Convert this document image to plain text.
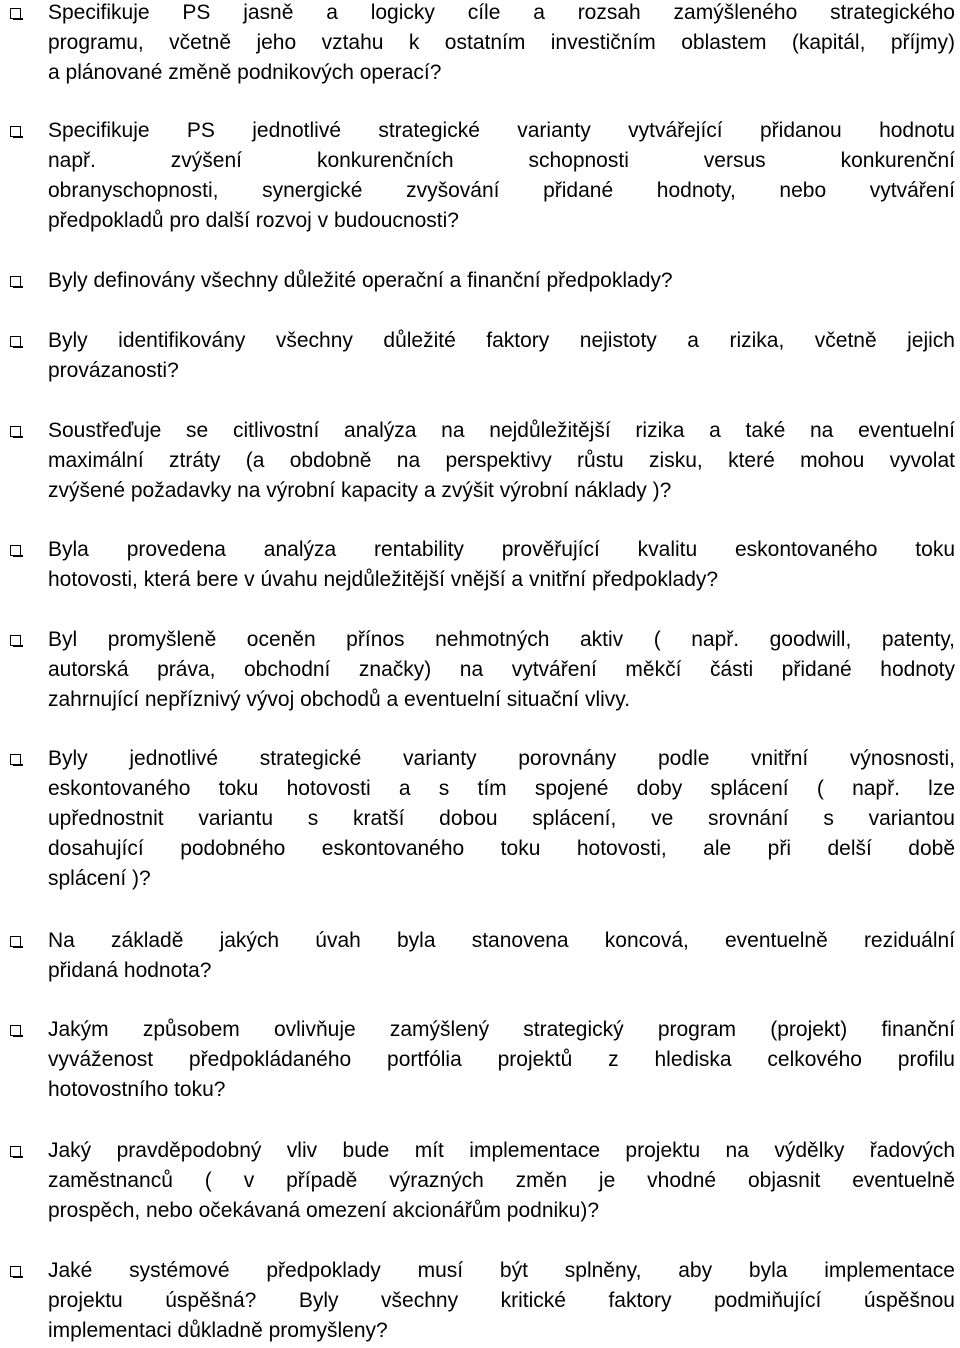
Specifikuje PS jasně a logicky cíle a rozsah zamýšleného strategického
programu, včetně jeho vztahu k ostatním investičním oblastem (kapitál, příjmy)
a plánované změně podnikových operací?
Specifikuje PS jednotlivé strategické varianty vytvářející přidanou hodnotu
např. zvýšení konkurenčních schopnosti versus konkurenční
obranyschopnosti, synergické zvyšování přidané hodnoty, nebo vytváření
předpokladů pro další rozvoj v budoucnosti?
Byly definovány všechny důležité operační a finanční předpoklady?
Byly identifikovány všechny důležité faktory nejistoty a rizika, včetně jejich
provázanosti?
Soustřeďuje se citlivostní analýza na nejdůležitější rizika a také na eventuelní
maximální ztráty (a obdobně na perspektivy růstu zisku, které mohou vyvolat
zvýšené požadavky na výrobní kapacity a zvýšit výrobní náklady )?
Byla provedena analýza rentability prověřující kvalitu eskontovaného toku
hotovosti, která bere v úvahu nejdůležitější vnější a vnitřní předpoklady?
Byl promyšleně oceněn přínos nehmotných aktiv ( např. goodwill, patenty,
autorská práva, obchodní značky) na vytváření měkčí části přidané hodnoty
zahrnující nepříznivý vývoj obchodů a eventuelní situační vlivy.
Byly jednotlivé strategické varianty porovnány podle vnitřní výnosnosti,
eskontovaného toku hotovosti a s tím spojené doby splácení ( např. lze
upřednostnit variantu s kratší dobou splácení, ve srovnání s variantou
dosahující podobného eskontovaného toku hotovosti, ale při delší době
splácení )?
Na základě jakých úvah byla stanovena koncová, eventuelně reziduální
přidaná hodnota?
Jakým způsobem ovlivňuje zamýšlený strategický program (projekt) finanční
vyváženost předpokládaného portfólia projektů z hlediska celkového profilu
hotovostního toku?
Jaký pravděpodobný vliv bude mít implementace projektu na výdělky řadových
zaměstnanců ( v případě výrazných změn je vhodné objasnit eventuelně
prospěch, nebo očekávaná omezení akcionářům podniku)?
Jaké systémové předpoklady musí být splněny, aby byla implementace
projektu úspěšná? Byly všechny kritické faktory podmiňující úspěšnou
implementaci důkladně promyšleny?
